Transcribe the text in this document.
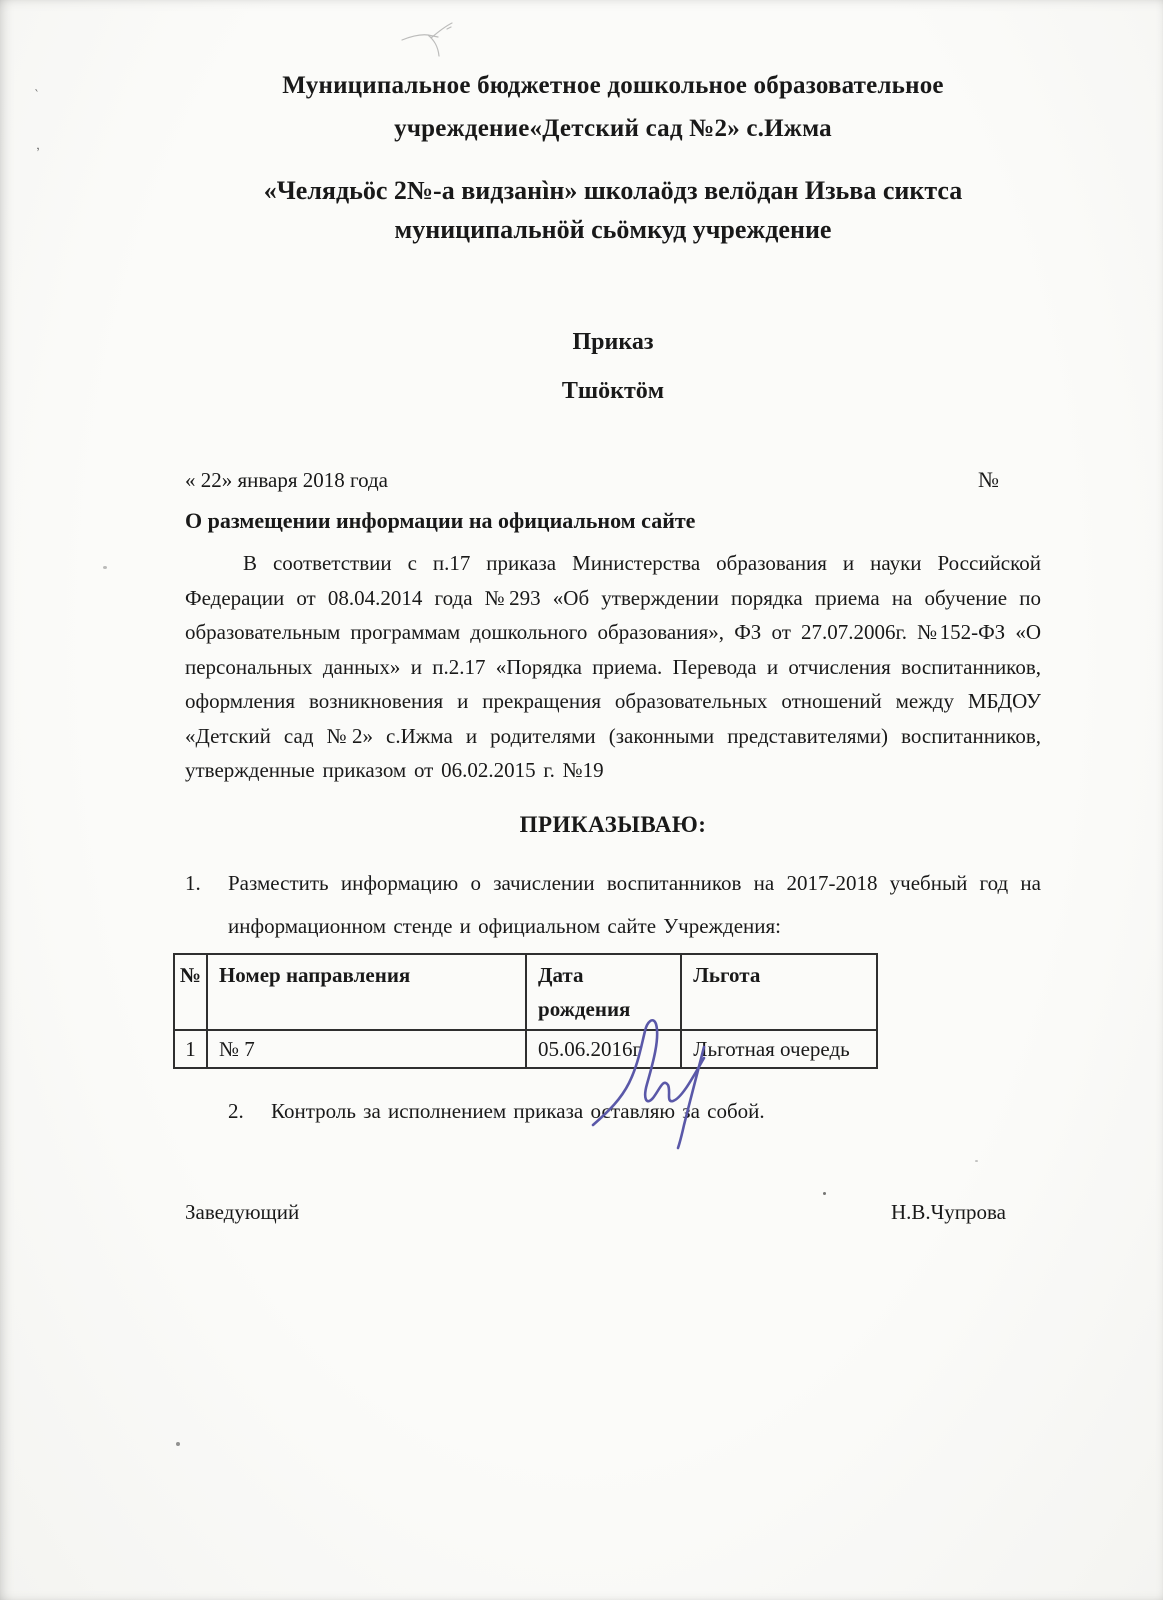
`
,
Муниципальное бюджетное дошкольное образовательное учреждение«Детский сад №2» с.Ижма
«Челядьӧс 2№-а видзанìн» школаӧдз велӧдан Изьва сиктса муниципальнӧй сьӧмкуд учреждение
Приказ
Тшӧктӧм
« 22» января 2018 года	№
О размещении информации на официальном сайте
В соответствии с п.17 приказа Министерства образования и науки Российской Федерации от 08.04.2014 года №293 «Об утверждении порядка приема на обучение по образовательным программам дошкольного образования», ФЗ от 27.07.2006г. №152-ФЗ «О персональных данных» и п.2.17 «Порядка приема. Перевода и отчисления воспитанников, оформления возникновения и прекращения образовательных отношений между МБДОУ «Детский сад №2» с.Ижма и родителями (законными представителями) воспитанников, утвержденные приказом от 06.02.2015 г. №19
ПРИКАЗЫВАЮ:
1.	Разместить информацию о зачислении воспитанников на 2017-2018 учебный год на информационном стенде и официальном сайте Учреждения:
№	Номер направления	Дата рождения	Льгота
1	№ 7	05.06.2016г	Льготная очередь
2.	Контроль за исполнением приказа оставляю за собой.
Заведующий	Н.В.Чупрова
